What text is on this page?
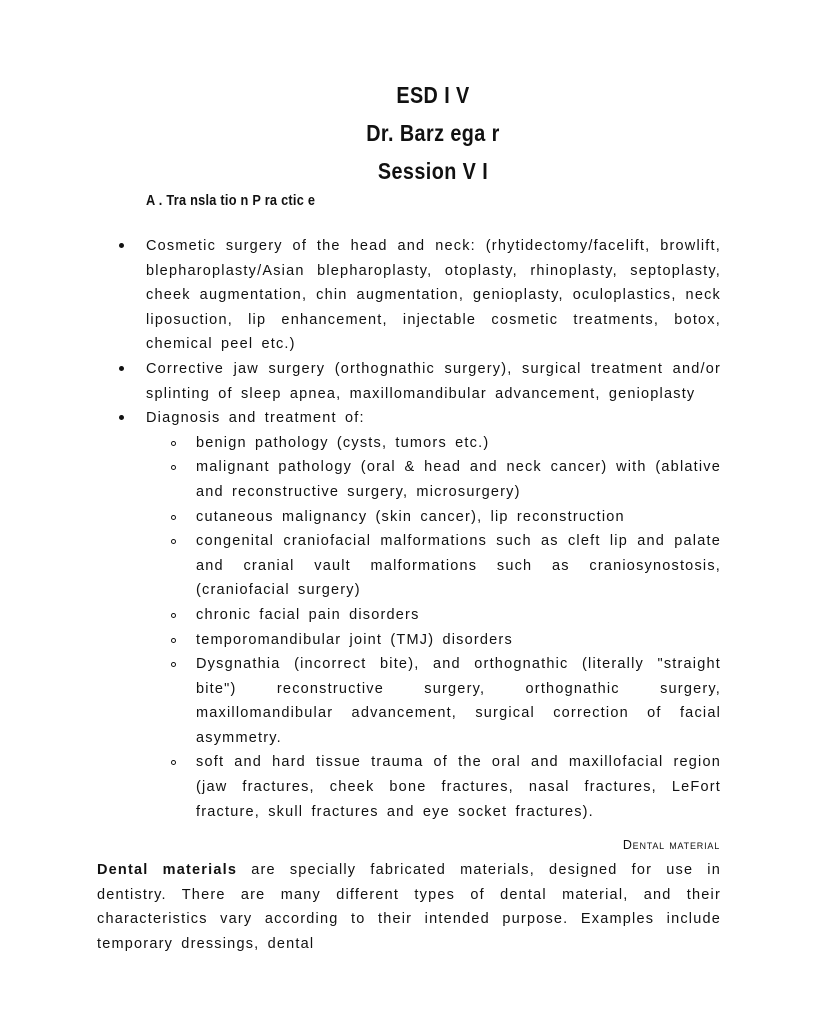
ESD I V
Dr. Barz ega r
Session V I
A . Tra nsla tio n P ra ctic e
Cosmetic surgery of the head and neck: (rhytidectomy/facelift, browlift, blepharoplasty/Asian blepharoplasty, otoplasty, rhinoplasty, septoplasty, cheek augmentation, chin augmentation, genioplasty, oculoplastics, neck liposuction, lip enhancement, injectable cosmetic treatments, botox, chemical peel etc.)
Corrective jaw surgery (orthognathic surgery), surgical treatment and/or splinting of sleep apnea, maxillomandibular advancement, genioplasty
Diagnosis and treatment of:
benign pathology (cysts, tumors etc.)
malignant pathology (oral & head and neck cancer) with (ablative and reconstructive surgery, microsurgery)
cutaneous malignancy (skin cancer), lip reconstruction
congenital craniofacial malformations such as cleft lip and palate and cranial vault malformations such as craniosynostosis, (craniofacial surgery)
chronic facial pain disorders
temporomandibular joint (TMJ) disorders
Dysgnathia (incorrect bite), and orthognathic (literally "straight bite") reconstructive surgery, orthognathic surgery, maxillomandibular advancement, surgical correction of facial asymmetry.
soft and hard tissue trauma of the oral and maxillofacial region (jaw fractures, cheek bone fractures, nasal fractures, LeFort fracture, skull fractures and eye socket fractures).
Dental material

Dental materials are specially fabricated materials, designed for use in dentistry. There are many different types of dental material, and their characteristics vary according to their intended purpose. Examples include temporary dressings, dental
